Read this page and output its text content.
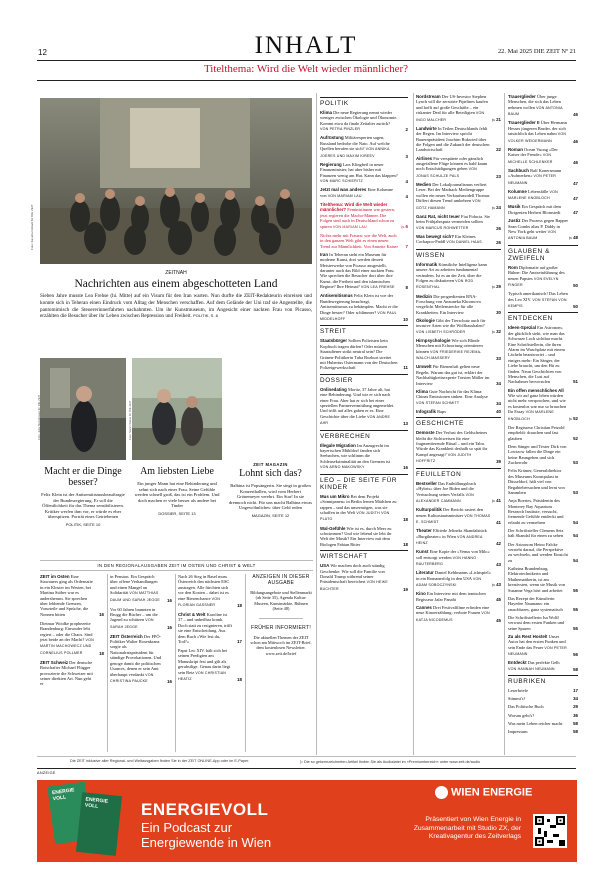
12	INHALT	22. Mai 2025 DIE ZEIT Nº 21
Titelthema: Wird die Welt wieder männlicher?
Foto: Kavehan Ebadi für DIE ZEIT
ZEITNAH
Nachrichten aus einem abgeschotteten Land
Sieben Jahre musste Lea Frehse (hi. Mitte) auf ein Visum für den Iran warten. Nun durfte die ZEIT-Redakteurin einreisen und konnte sich in Teheran einen Eindruck vom Alltag der Menschen verschaffen. Auf dem Gelände der Uni traf sie Angestellte, die pantomimisch die Steuererinnerfahrten nachahmten. Um ihr Kunstmuseum, im Angesicht einer nackten Frau von Picasso, erzählten die Besucher über ihr Leben zwischen Repression und Freiheit. POLITIK, S. 8
Foto: Julia Steinigeweg für DIE ZEIT	Foto: Sarah Wiese für DIE ZEIT
Macht er die Dinge besser?
Felix Klein ist der Antisemitismusbeauftragte der Bundesregierung. Er soll die Öffentlichkeit für das Thema sensibilisieren. Kritiker werfen ihm vor, er würde es eher überspitzen. Porträt eines Getriebenen
POLITIK, SEITE 10
Am liebsten Liebe
Ein junger Mann hat eine Behinderung und sehnt sich nach einer Frau. Seine Gefühle werden schnell groß, das ist ein Problem. Und doch machen er viele besser als andere bei Tinder
DOSSIER, SEITE 13
ZEIT MAGAZIN
Lohnt sich das?
Balbina ist Popsängerin. Sie singt in großen Konzerthallen, wird vom Herbert Grönemeyer verehrt. Ein Star! In sie drennoch nicht. Für uns macht Balbina etwas Ungewöhnliches: über Geld reden
MAGAZIN, SEITE 12
IN DEN REGIONALAUSGABEN ZEIT IM OSTEN UND CHRIST & WELT
ZEIT im Osten Eine Stawauers ging als Ordensstie in ein Kloster im Westen, bei Martina Stöber war es andersherum. Sie sprechen über lebhende Grenzen, Vorurteile und Sprüche, die Nonnen bitten	16
Dietmar Woidke prophezeite Brandenburg: Einwnder lebt regiert – oder die Chaos. Sind jetzt beide an der Macht? VON MARTIN MACHOWECZ UND CORNELIUS POLLMER	18
ZEIT Schweiz Der deutsche Botschafter Michael Flügger provozierte die Schweizer mit seiner direkten Art. Nun geht er
in Pension. Ein Gespräch über offene Verhandlungen und einen Mangel an Solidarität VON MATTHIAS DAUM UND SARAH JEGGE 16
Vor 60 Jahren brannten in Brugg die Bücher – um die Jugend zu schützen VON SARAH JEGGE	16
ZEIT Österreich Der FPÖ-Politiker Walter Rosenkranz sorgte als Nationalratspräsident für ständige Provokationen. Und genoge damit die politischen Usances, denen er sein Amt überhaupt verdankt VON CHRISTINA PAUCKE	16
Nach 26 Sieg in Basel muss Österreich den nächsten ESC austragen. Alle fürchten sich vor den Kosten – dabei ist es eine Riesenchance VON FLORIAN GASSNER	18
Christ & Welt Karoline ist 37 – und unheilbar krank. Doch statt zu resignieren, trifft sie eine Entscheidung. Aus dem Buch »Wie lest du, Tod?«	17
Papst Leo XIV. hält sich bei seinen Predigten am Manuskript fest und gilt als geruhsilige. Genau darin liegt sein Reiz VON CHRISTIAN HEATIZ	18
ANZEIGEN IN DIESER AUSGABE
Bildungsangebote und Stellenmarkt (ab Seite 35), Agenda Kultur: Museen, Kunstmärkte, Bühnen (Seite 48)
FRÜHER INFORMIERT!
Die aktuellen Themen der ZEIT schon am Mittwoch im ZEIT-Brief, dem kostenlosen Newsletter. www.zeit.de/brief
POLITIK
Klima Die neue Regierung nennt wieder weniger zwischen Ökologie und Ökonomie. Kommt etwa da finale Zeitalter zurück? VON PETRA PINZLER	2
Aufrüstung Militärexperten sagen, Russland bedrohe die Nato. Auf welche Quellen berufen sie sich? VON ANNIKA JOERES UND MAXIM KIREEV	3
Regierung Lars Klingbeil in neuer Finanzminister, hat aber bisher mit Finanzen wenig am Hut. Kann das klappen? VON MARC SCHIERITZ	4
Jetzt mal was anderes Eine Kolumne von VON MARIAM LAU	4
Titelthema: Wird die Welt wieder männlicher? Feministinnen war gestern, jetzt regieren die Macho-Männer. Die Folgen sind auch in Deutschland schon zu spüren VON MARIAM LAU	▷ 6
Nichts mehr mit Frauen: wie die Welt, auch in den ganzen Welt gibt es einen neuen Trend zur Männlichkeit. Von Annette Kaiser 7
Iran In Teheran steht ein Museum für moderne Kunst, dort werden derzeit Meisterwerke von Picasso ausgestellt, darunter auch das Bild einer nackten Frau. Wie sprechen die Besucher dort über ihre Kunst, die Freiheit und den islamischen Regime? Ihre Heimat? VON LEA FREHSE 8
Antisemitismus Felix Klein ist voe der Bundesregierung beauftragt, Antisemitismus zu bekämpfen. Macht er die Dinge besser? Oder schlimmer? VON PAUL MIDDELHOFF	10
STREIT
Staatsbürger Sollten Polizisten kein Kopftuch tragen dürfen? Oder müssen Staatsdiener strikt neutral sein? Die Grünen-Politikerin Tuba Bozkurt streitet mit Hubertus Ostermann von der Deutschen Polizeigewerkschaft	11
DOSSIER
Onlinedating Moritz, 37 Jahre alt, hat eine Behinderung. Und wie er sich nach einer Frau. Aber hat er sich bei einer speziellen Partnervermittlung angemeldet. Und trifft auf alles gaben er es. Eine Geschichte über die Liebe VON ANDRE AHR	13
VERBRECHEN
Illegale Migration Im Anzugrecht im bayerischen Mühldorf fanden sich Seebachen, wie schlimm die Schleusekriminalität an den Grenzen ist VON ARNO MAKOWSKY	16
LEO – DIE SEITE FÜR KINDER
Mus um Mikro Bei dem Projekt »Sonnipanen« in Berlin lernen Mädchen zu rappen – und das unsermögen, was sie schaffen in der Welt VON JUDITH VON PLATO	18
Wal-Gefühle Wie ist es, durch Meer zu schwimmen? Und wie lebend sie lebt ihr Welt der Musik? Ein Interview mit dem Biologen Fabian Ritter	18
WIRTSCHAFT
USA Wir machen doch auch ständig Geschenke: Wie soll die Familie von Donald Trump während seiner Präsidentschaft bereichert VON HEIKE BUCHTER	19
Nordstream Der US-Investor Stephen Lynch will die zerstörte Pipelines kaufen und hofft auf große Geschäfte – ein riskanter Deal für alle Beteiligten VON INGO MALCHER	▷ 21
Landwirte In Teilen Deutschlands fehlt der Regen. Im Interview spricht Bauernpräsident Joachim Rukwied über die Folgen und die Zukunft der deutschen Landwirtschaft	22
Airlines Für verspätete oder gänzlich ausgefallene Flüge können es bald kaum noch Entschädigungen geben VON JONAS SCHULZE PALS	23
Medien Der Lokaljournalismus verliert Leser. Bei der Madsack Mediengruppe wollen ein neues Verkaufsmodell Thomas Düffert diesen Trend umkehren VON GÖTZ HAMANN	▷ 24
Ganz Rat, nicht teuer Fiat Fiducia. Sie beim Frühjahrsputz vermeiden sollten VON MARCUS ROHWETTER	26
Was bewegt sich? Ein Kleines Cockapoo-Paddl VON DANIEL HAAS	26
WISSEN
Informatik Künstliche Intelligenz kann unsere Art zu arbeiten fundamental verändern. Ist es an der Zeit, über die Folgen zu diskutieren VON ROD ROSENTHAL	▷ 29
Medizin Die progredienten RNA-Forschung von Anzuneka Khromova vergelicht Meilenstrecke für alle Krankheiten. Ein Interview	30
Ökologie Gibt der Tierschutz auch für invasive Arten wie die Wolfhaushalen? VON LISBETH SCHRÖDER	▷ 32
Hirnpsychologie Wie sich Blinde Menschen mit Echoortung orientieren können VON FRIEDERIKE REJEMA-WALCH-MASSERY	33
Umwelt Für Bienenluft gelten neue Regeln. Warum das gut ist, erklärt der Nachhaltigkeitsexperte Torsten Müller im Interview	34
Klima Gute Nachricht für das Klima: Chinas Emissionen sinken. Eine Analyse VON STEFAN SCHMITT	34
Infografik Raps	40
GESCHICHTE
Demoste Der Verlust des Geldscheines bleibt die Sichtweisen für eine fragmentierende Ritual – und ein Tabu. Würde das Krankheit deshalb so spät ihr Kampf angesagt? VON JUDITH HOFFRITZ	39
FEUILLETON
Bestseller Das Enthüllungsbuch »Hybris« über Joe Biden und die Vertuschung seines Verfalls VON ALEXANDER CAMMANN	▷ 41
Kulturpolitik Der Bericht rasiert den neuen Kulturstaatsminister VON THOMAS E. SCHMIDT	41
Theater Elfriede Jelineks Skandalstück »Burgtheater« in Wien VON ANDREA HEINZ	42
Kunst Eine Kopie der »Venus von Milo« soll entsorgt werden VON HANNO RAUTERBERG	43
Literatur Daniel Kehlmanns »Lichtspiel« in ein Romanerfolg in den USA VON ADAM SOBOCZYNSKI	▷ 43
Kino Ein Interview mit dem iranischen Regisseur Jafar Panahi	45
Cannes Drei Festivalfilme erfinden eine neue Kinoerzählung: verbote Frauen VON KATJA NICODEMUS	45
Trauerglieder Über junge Menschen, die sich das Leben nehmen wollen VON ANTONIA BAUM	46
Trauerglieder II Über Hermann Hesses jüngeren Bruder, der sich tatsächlich das Leben nahm VON VOLKER WEIDERMANN	46
Roman Ocean Vuong »Der Kaiser der Freude« VON MICHELLE SCHLENKER	46
Sachbuch Ralf Konersmann »Aufmerken« VON PETER NEUMANN	47
Kolumne Lebensfälle VON MARLENE KNOBLOCH	47
Musik Ein Gespräch mit dem Dirigenten Herbert Blomstedt	47
Justiz Der Prozess gegen Rapper Sean Combs alias P. Diddy in New York geht weiter VON ANTONIA BAUM	▷ 48
GLAUBEN & ZWEIFELN
Rom Diplomatie auf großer Bühne: Die Amtseinführung des neuen Papstes VON EVELYN FINGER	50
Typisch amerikanisch! Das Leben des Leo XIV. VON STEFAN VON KEMPIS	50
ENTDECKEN
Ideen-Spezial Ein Astronom, der glücklich sieht, wie man das Schwarze Loch sichtbar macht. Eine Schriftstellerin, die ihren Alarm im Waschplatz mit einem Lächeln beantwortet – und einiges mehr: Ein Sänger, der Liebe braucht, um den Hit zu finden. Neun Geschichten von Menschen, die Lust auf Nachahmer hervorrufen	51
Ein offen menschliches All Wie wir auf ganz leben würden nicht mehr versprochen, und wie es kostenlos war nur so brauchen Ihr Essay VON MARLENE KNOBLOCH	▷ 52
Der Regisseur Christian Petzold empfiehlt: drauchen und fast glauben	52
Dem Sänger und Texter Dirk von Lowtzow fallen die Dinge ein keine Raungeben und sich Zuckerrohr	53
Felix Krämer, Generaldirektor des Museums Kunstpalast in Düsseldorf, hält viel von Begabtebersuchen und lernt von Sammlern	53
Anja Boeries, Präsidentin des Monterey Bay Aquarium Research Institute, versucht, fremende Gefühle entdeckt und erlaubt zu vermehren	54
Der Schriftsteller Clemens Setz hält Skandal für einen zu sehen 54
Der Astronom Heino Falcke versteht darauf, die Perspektive zu wechseln, und werden Einsicht zu	54
Kathrina Brandenburg, Elektrotechnikerin und Mathematikerin, ist am kreativsten, wenn sie Musik von Susanne Vega hört und arbeitet 55
Das Rezept der Künstlerin Hayedee Naumann: ein rauschbares, ganz systematisch 55
Die Schriftstellerin Isa Wolff verwust dem ersten Funken und seine Spuren	55
Zu als Rest Hostel! Unser Autor hat den ersten Funken und sein Ende das Feuer VON PETER NEUMANN	56
Entdeckt Das perfekte Gelb VON HANNAH NEUMANN	58
RUBRIKEN
Leserbriefe	17
Stimmt's?	34
Das Politische Buch	29
Worum geht's?	36
Was mein Leben reicher macht 58
Impressum	58
Die ZEIT inklusive aller Regional- und Weltausgaben finden Sie in der ZEIT ONLINE-App oder im E-Paper.	▷ Die so gekennzeichneten Artikel finden Sie als Audiodatei im »Premiumbereich« unter www.zeit.de/audio
ANZEIGE
ENERGIE VOLL	ENERGIE VOLL	ENERGIEVOLL
Ein Podcast zur
Energiewende in Wien
WIEN ENERGIE
Präsentiert von Wien Energie in Zusammenarbeit mit Studio ZX, der Kreativagentur des Zeitverlags
